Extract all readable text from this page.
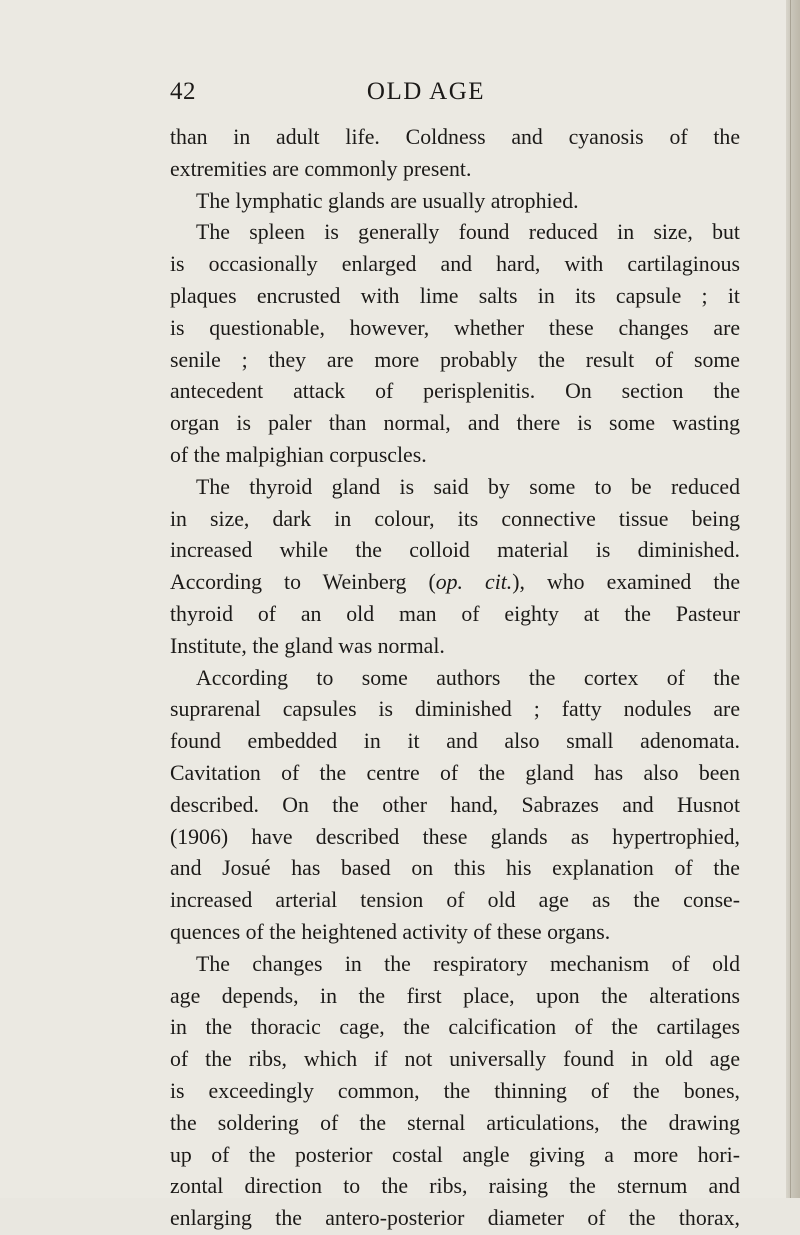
42	OLD AGE
than in adult life. Coldness and cyanosis of the
extremities are commonly present.
The lymphatic glands are usually atrophied.
The spleen is generally found reduced in size, but
is occasionally enlarged and hard, with cartilaginous
plaques encrusted with lime salts in its capsule ; it
is questionable, however, whether these changes are
senile ; they are more probably the result of some
antecedent attack of perisplenitis. On section the
organ is paler than normal, and there is some wasting
of the malpighian corpuscles.
The thyroid gland is said by some to be reduced
in size, dark in colour, its connective tissue being
increased while the colloid material is diminished.
According to Weinberg (op. cit.), who examined the
thyroid of an old man of eighty at the Pasteur
Institute, the gland was normal.
According to some authors the cortex of the
suprarenal capsules is diminished ; fatty nodules are
found embedded in it and also small adenomata.
Cavitation of the centre of the gland has also been
described. On the other hand, Sabrazes and Husnot
(1906) have described these glands as hypertrophied,
and Josué has based on this his explanation of the
increased arterial tension of old age as the conse-
quences of the heightened activity of these organs.
The changes in the respiratory mechanism of old
age depends, in the first place, upon the alterations
in the thoracic cage, the calcification of the cartilages
of the ribs, which if not universally found in old age
is exceedingly common, the thinning of the bones,
the soldering of the sternal articulations, the drawing
up of the posterior costal angle giving a more hori-
zontal direction to the ribs, raising the sternum and
enlarging the antero-posterior diameter of the thorax,
